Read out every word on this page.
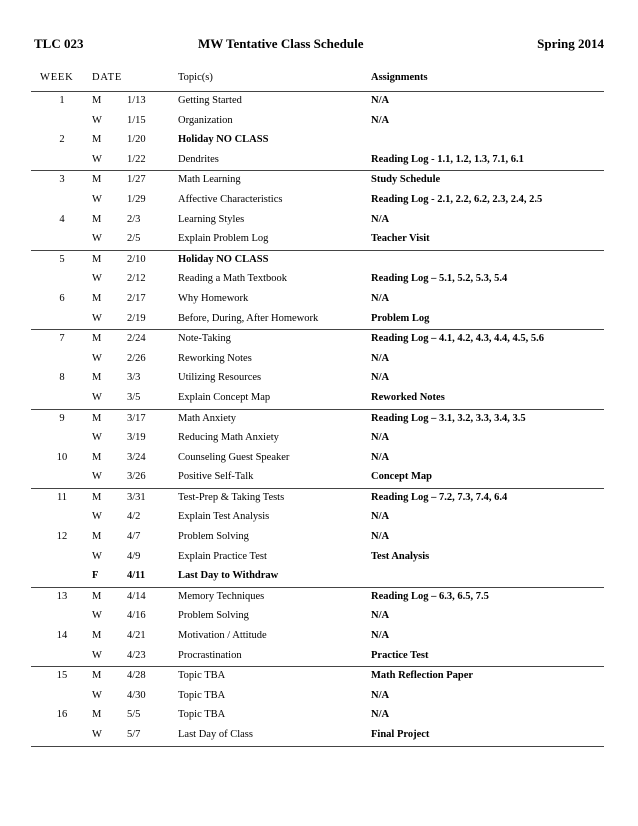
TLC 023	MW Tentative Class Schedule	Spring 2014
WEEK DATE	Topic(s)	Assignments
1	M 1/13	Getting Started	N/A
W 1/15	Organization	N/A
2	M 1/20	Holiday NO CLASS
W 1/22	Dendrites	Reading Log - 1.1, 1.2, 1.3, 7.1, 6.1
3	M 1/27	Math Learning	Study Schedule
W 1/29	Affective Characteristics	Reading Log - 2.1, 2.2, 6.2, 2.3, 2.4, 2.5
4	M 2/3	Learning Styles	N/A
W 2/5	Explain Problem Log	Teacher Visit
5	M 2/10	Holiday NO CLASS
W 2/12	Reading a Math Textbook	Reading Log – 5.1, 5.2, 5.3, 5.4
6	M 2/17	Why Homework	N/A
W 2/19	Before, During, After Homework	Problem Log
7	M 2/24	Note-Taking	Reading Log – 4.1, 4.2, 4.3, 4.4, 4.5, 5.6
W 2/26	Reworking Notes	N/A
8	M 3/3	Utilizing Resources	N/A
W 3/5	Explain Concept Map	Reworked Notes
9	M 3/17	Math Anxiety	Reading Log – 3.1, 3.2, 3.3, 3.4, 3.5
W 3/19	Reducing Math Anxiety	N/A
10	M 3/24	Counseling Guest Speaker	N/A
W 3/26	Positive Self-Talk	Concept Map
11	M 3/31	Test-Prep & Taking Tests	Reading Log – 7.2, 7.3, 7.4, 6.4
W 4/2	Explain Test Analysis	N/A
12	M 4/7	Problem Solving	N/A
W 4/9	Explain Practice Test	Test Analysis
F	4/11	Last Day to Withdraw
13	M 4/14	Memory Techniques	Reading Log – 6.3, 6.5, 7.5
W 4/16	Problem Solving	N/A
14	M 4/21	Motivation / Attitude	N/A
W 4/23	Procrastination	Practice Test
15	M 4/28	Topic TBA	Math Reflection Paper
W 4/30	Topic TBA	N/A
16	M 5/5	Topic TBA	N/A
W 5/7	Last Day of Class	Final Project
